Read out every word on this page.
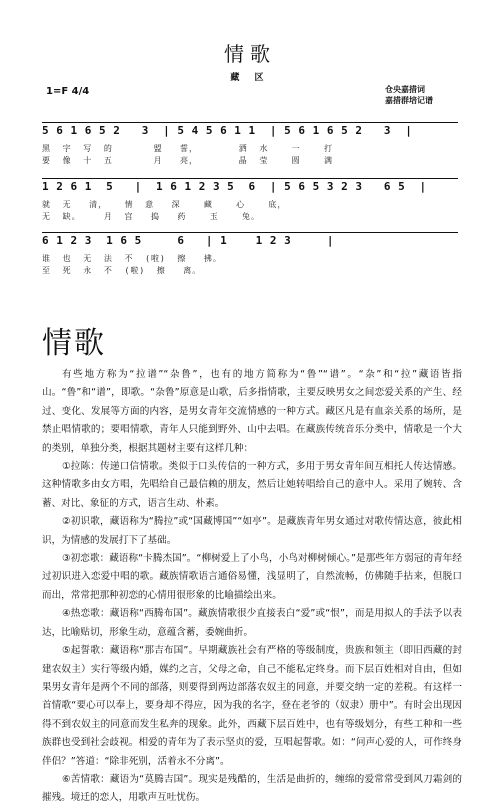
情歌
藏 区
1=F 4/4	仓央嘉措词
嘉措群培记谱
5 6 1 6 5 2   3  | 5 4 5 6 1 1  | 5 6 1 6 5 2   3  |
黑  字  写  的       盟   誓，       洒  水    一    打
要  像  十  五       月   亮，       晶  莹    圆    满
1 2 6 1  5   |  1 6 1 2 3 5  6  | 5 6 5 3 2 3   6 5  |
就  无   清，   情  意   深    藏    心    底，
无  缺。    月  宫   捣   药    玉    兔。
6 1 2 3  1 6 5     6   | 1    1 2 3     |
谁  也  无  法  不  (啦)  擦   拂。
至  死  永  不  (啦)  擦   离。
情歌

有些地方称为“拉谱”“杂鲁”，也有的地方简称为“鲁”“谱”。“杂”和“拉”藏语皆指山。“鲁”和“谱”，即歌。“杂鲁”原意是山歌，后多指情歌，主要反映男女之间恋爱关系的产生、经过、变化、发展等方面的内容，是男女青年交流情感的一种方式。藏区凡是有血亲关系的场所，是禁止唱情歌的；要唱情歌，青年人只能到野外、山中去唱。在藏族传统音乐分类中，情歌是一个大的类别，单独分类，根据其题材主要有这样几种：

①拉陈：传递口信情歌。类似于口头传信的一种方式，多用于男女青年间互相托人传达情感。这种情歌多由女方唱，先唱给自己最信赖的朋友，然后让她转唱给自己的意中人。采用了婉转、含蓄、对比、象征的方式，语言生动、朴素。

②初识歌，藏语称为“腾拉”或“国藏博国”“如亭”。是藏族青年男女通过对歌传情达意，彼此相识，为情感的发展打下了基础。

③初恋歌：藏语称“卡腾杰国”。“柳树爱上了小鸟，小鸟对柳树倾心。”是那些年方弱冠的青年经过初识进入恋爱中唱的歌。藏族情歌语言通俗易懂，浅显明了，自然流畅，仿佛随手拈来，但脱口而出，常常把那种初恋的心情用很形象的比喻描绘出来。

④热恋歌：藏语称“西腾布国”。藏族情歌很少直接表白“爱”或“恨”，而是用拟人的手法予以表达，比喻贴切，形象生动，意蕴含蓄，委婉曲折。

⑤起誓歌：藏语称“那吉布国”。早期藏族社会有严格的等级制度，贵族和领主（即旧西藏的封建农奴主）实行等级内婚，媒约之言，父母之命，自己不能私定终身。而下层百姓相对自由，但如果男女青年是两个不同的部落，则要得到两边部落农奴主的同意，并要交纳一定的差税。有这样一首情歌“要心可以奉上，要身却不得应，因为我的名字，登在老爷的（奴隶）册中”。有时会出现因得不到农奴主的同意而发生私奔的现象。此外，西藏下层百姓中，也有等级划分，有些工种和一些族群也受到社会歧视。相爱的青年为了表示坚贞的爱，互唱起誓歌。如：“问声心爱的人，可作终身伴侣？”答道：“除非死别，活着永不分离”。

⑥苦情歌：藏语为“莫腾吉国”。现实是残酷的，生活是曲折的，缠绵的爱常常受到风刀霜剑的摧残。境迁的恋人，用歌声互吐忧伤。
